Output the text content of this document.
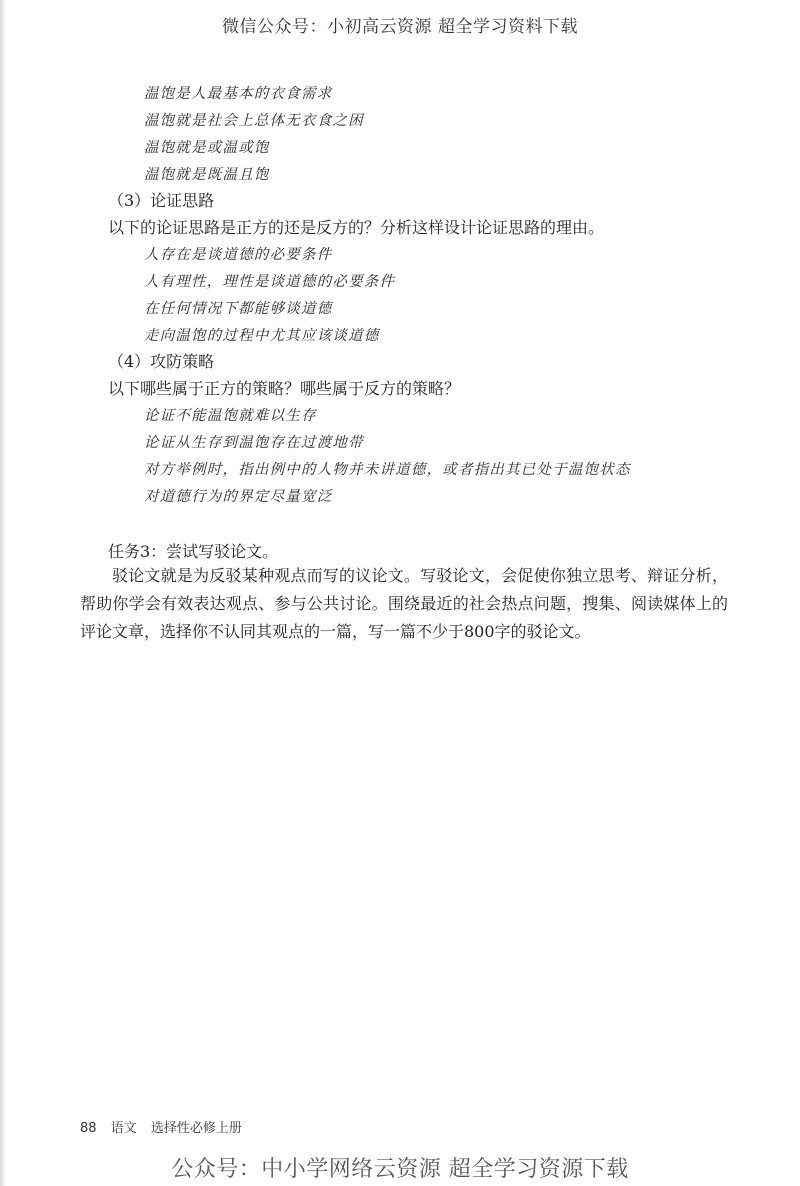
微信公众号：小初高云资源 超全学习资料下载
温饱是人最基本的衣食需求
温饱就是社会上总体无衣食之困
温饱就是或温或饱
温饱就是既温且饱
（3）论证思路
以下的论证思路是正方的还是反方的？分析这样设计论证思路的理由。
人存在是谈道德的必要条件
人有理性，理性是谈道德的必要条件
在任何情况下都能够谈道德
走向温饱的过程中尤其应该谈道德
（4）攻防策略
以下哪些属于正方的策略？哪些属于反方的策略？
论证不能温饱就难以生存
论证从生存到温饱存在过渡地带
对方举例时，指出例中的人物并未讲道德，或者指出其已处于温饱状态
对道德行为的界定尽量宽泛
任务3：尝试写驳论文。
驳论文就是为反驳某种观点而写的议论文。写驳论文，会促使你独立思考、辩证分析，帮助你学会有效表达观点、参与公共讨论。围绕最近的社会热点问题，搜集、阅读媒体上的评论文章，选择你不认同其观点的一篇，写一篇不少于800字的驳论文。
88 语文 选择性必修上册
公众号：中小学网络云资源 超全学习资源下载
